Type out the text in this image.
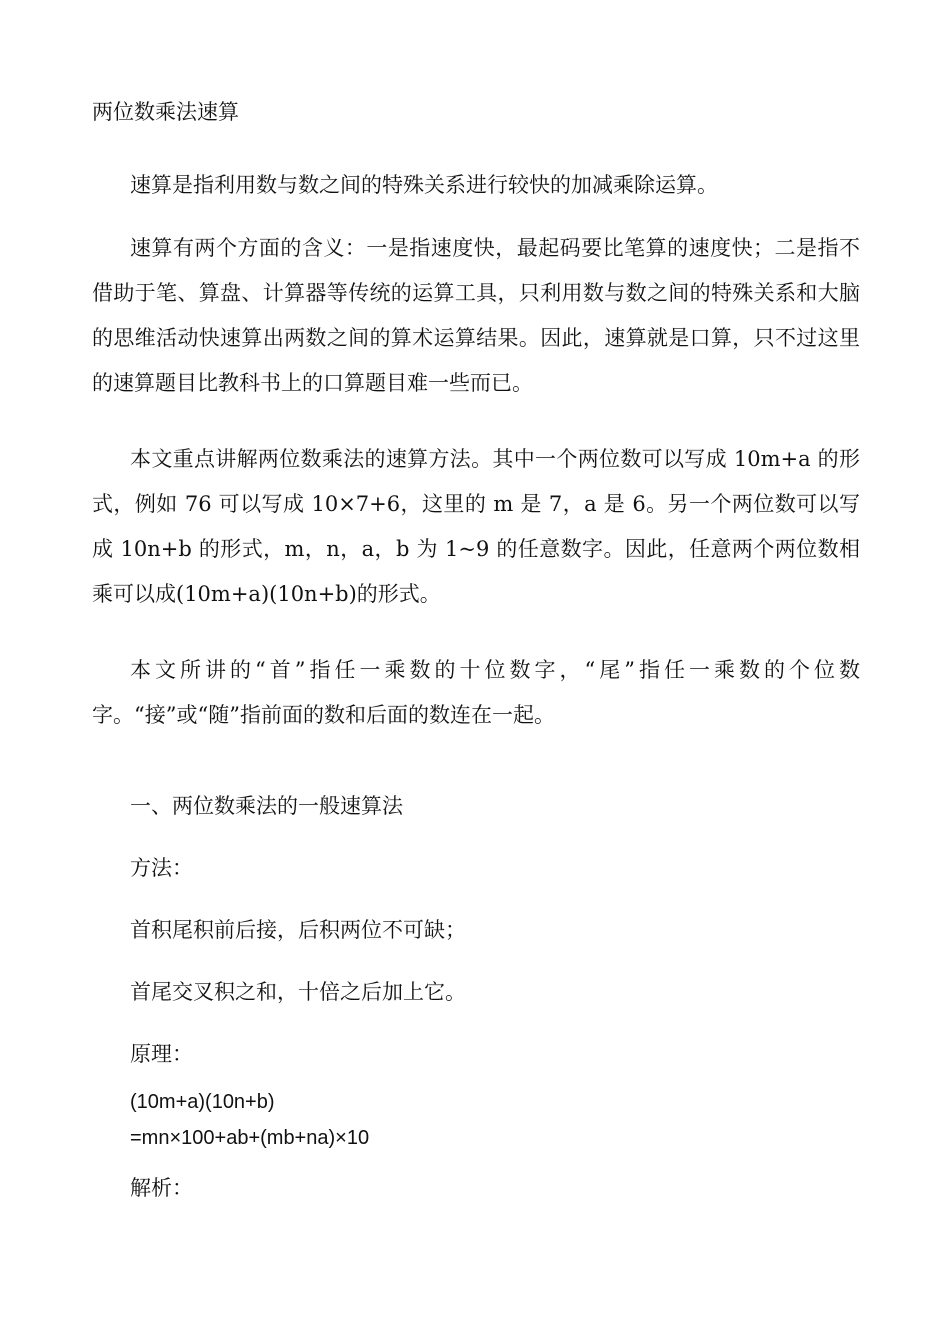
两位数乘法速算

速算是指利用数与数之间的特殊关系进行较快的加减乘除运算。

速算有两个方面的含义：一是指速度快，最起码要比笔算的速度快；二是指不借助于笔、算盘、计算器等传统的运算工具，只利用数与数之间的特殊关系和大脑的思维活动快速算出两数之间的算术运算结果。因此，速算就是口算，只不过这里的速算题目比教科书上的口算题目难一些而已。

本文重点讲解两位数乘法的速算方法。其中一个两位数可以写成 10m+a 的形式，例如 76 可以写成 10×7+6，这里的 m 是 7，a 是 6。另一个两位数可以写成 10n+b 的形式，m，n，a，b 为 1~9 的任意数字。因此，任意两个两位数相乘可以成(10m+a)(10n+b)的形式。

本文所讲的“首”指任一乘数的十位数字，“尾”指任一乘数的个位数字。“接”或“随”指前面的数和后面的数连在一起。

一、两位数乘法的一般速算法
方法：
首积尾积前后接，后积两位不可缺；
首尾交叉积之和，十倍之后加上它。
原理：
(10m+a)(10n+b)
=mn×100+ab+(mb+na)×10
解析：
